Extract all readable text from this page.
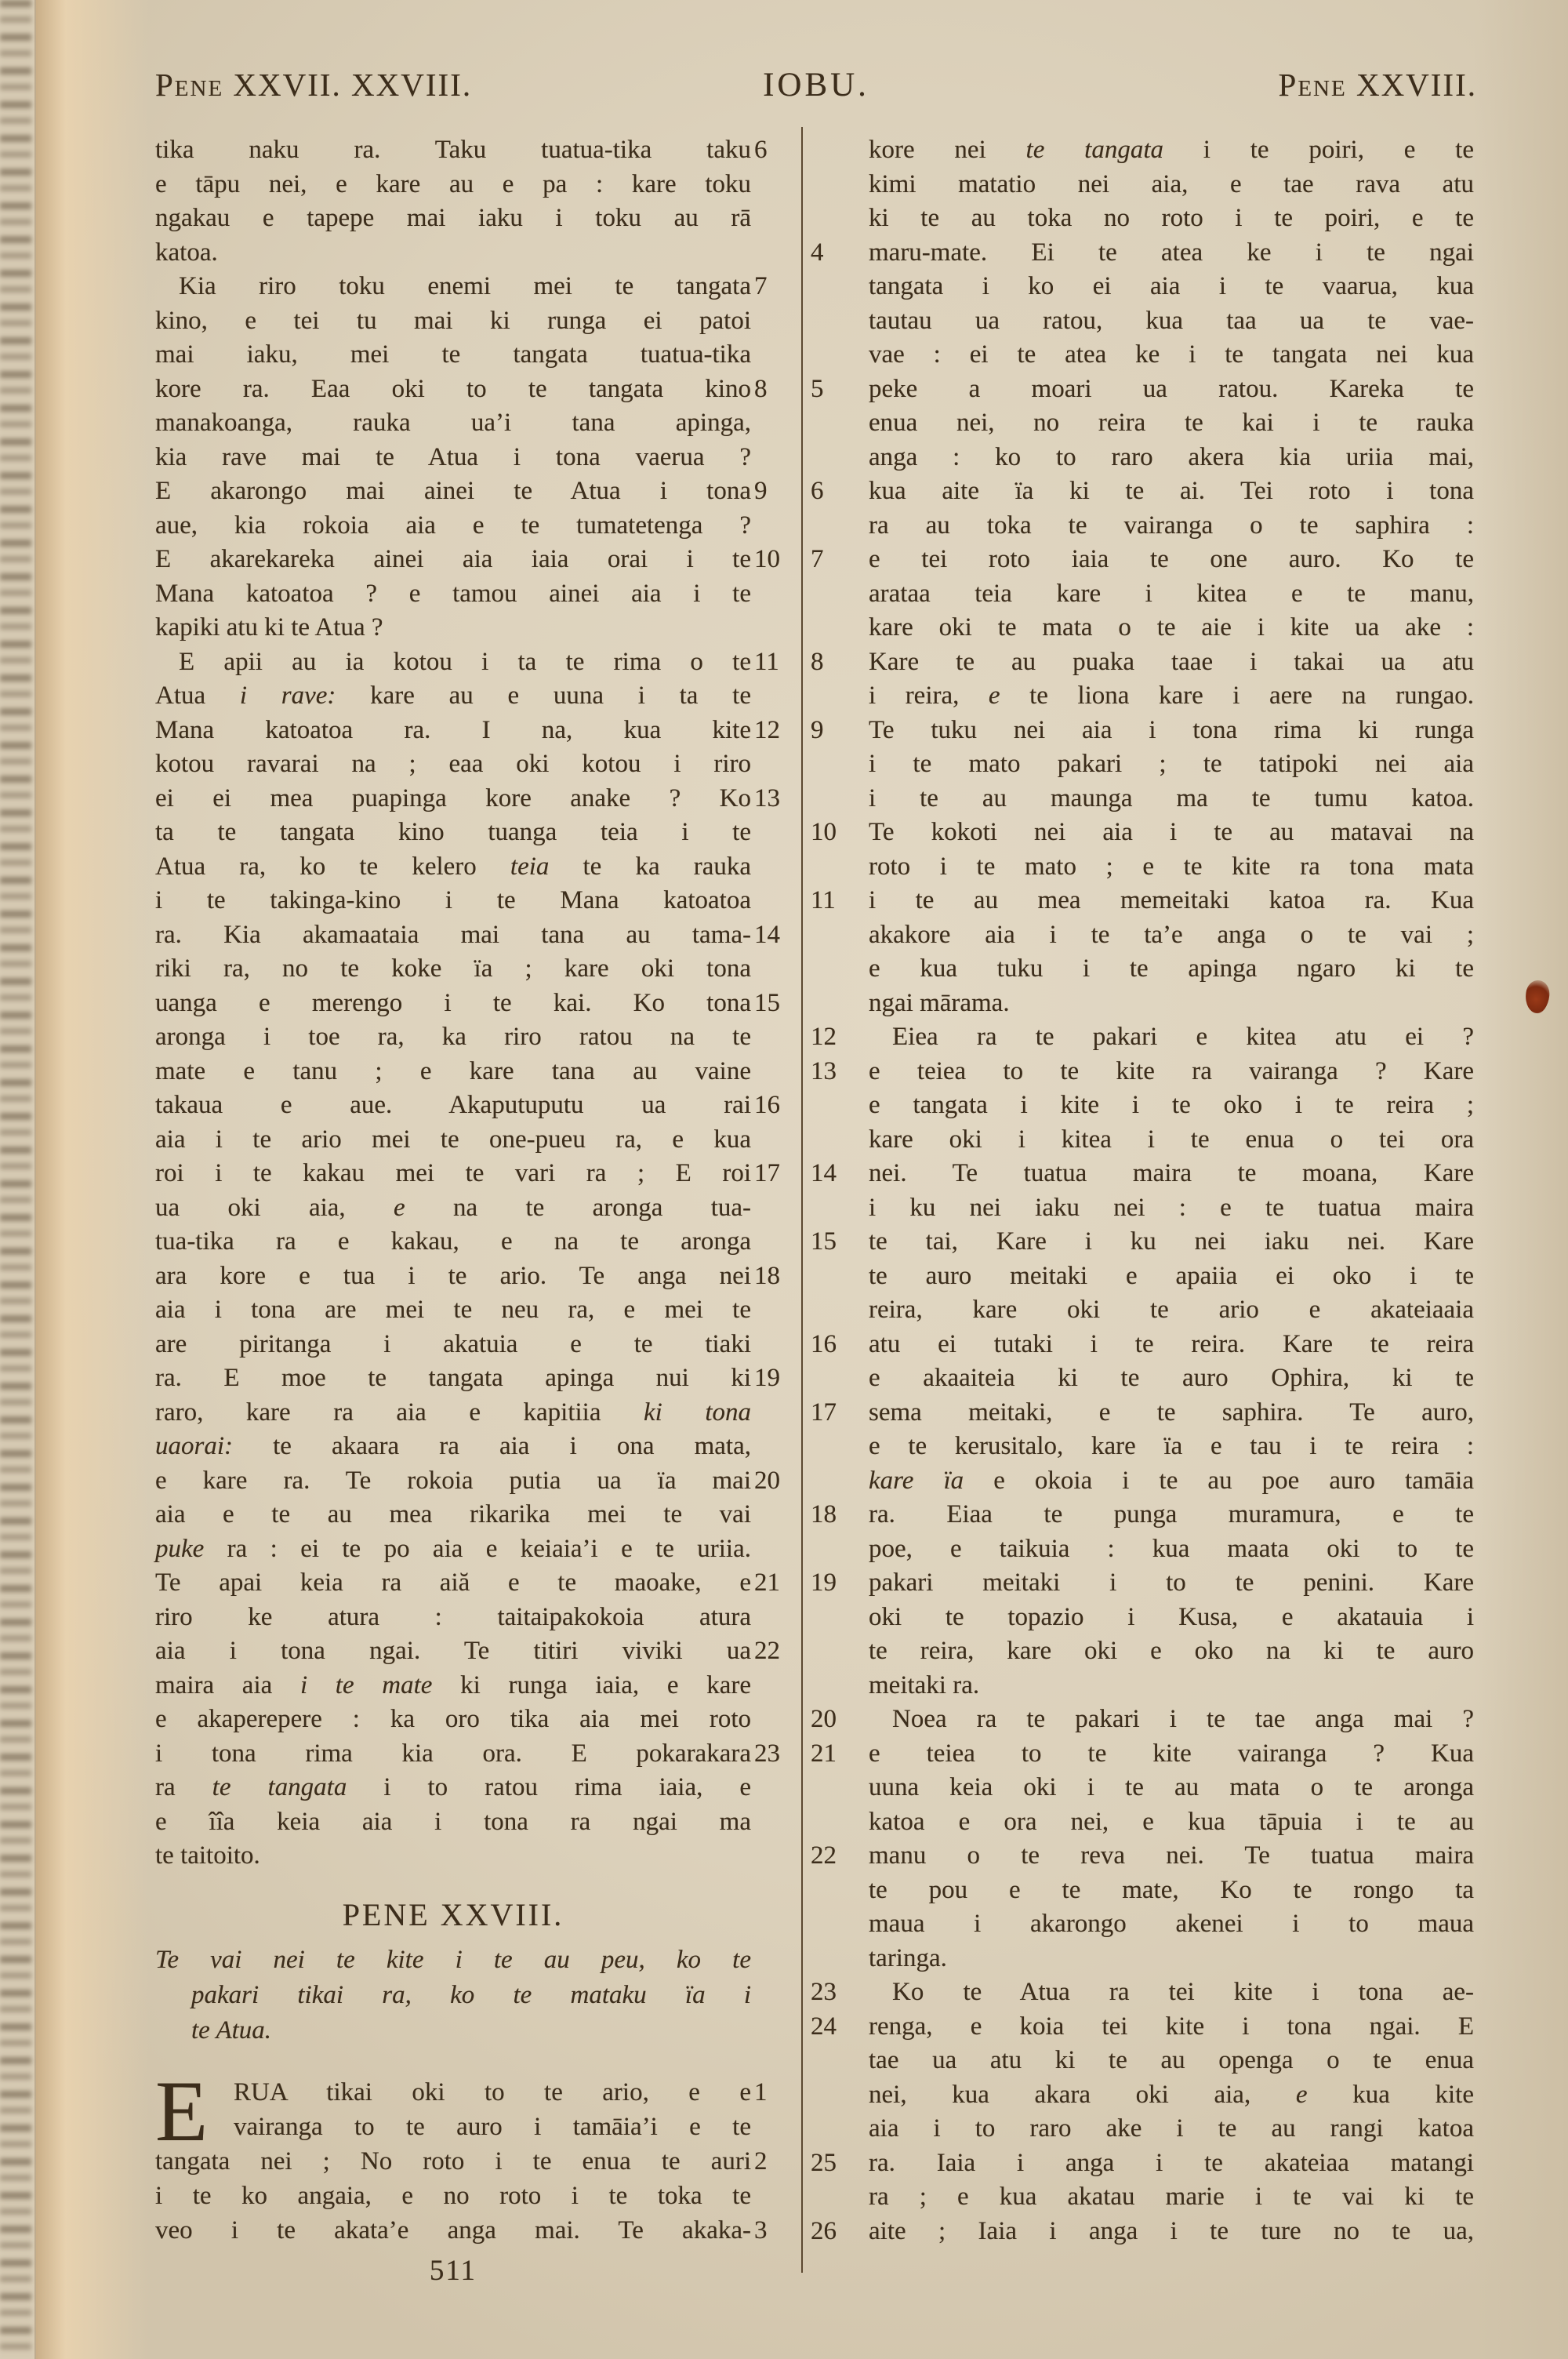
Pene XXVII. XXVIII.	IOBU.	Pene XXVIII.
tika naku ra. Taku tuatua-tika taku 6
e tāpu nei, e kare au e pa : kare toku
ngakau e tapepe mai iaku i toku au rā
katoa.
Kia riro toku enemi mei te tangata 7
kino, e tei tu mai ki runga ei patoi
mai iaku, mei te tangata tuatua-tika
kore ra. Eaa oki to te tangata kino 8
manakoanga, rauka ua’i tana apinga,
kia rave mai te Atua i tona vaerua ?
E akarongo mai ainei te Atua i tona 9
aue, kia rokoia aia e te tumatetenga ?
E akarekareka ainei aia iaia orai i te 10
Mana katoatoa ? e tamou ainei aia i te
kapiki atu ki te Atua ?
E apii au ia kotou i ta te rima o te 11
Atua i rave: kare au e uuna i ta te
Mana katoatoa ra. I na, kua kite 12
kotou ravarai na ; eaa oki kotou i riro
ei ei mea puapinga kore anake ? Ko 13
ta te tangata kino tuanga teia i te
Atua ra, ko te kelero teia te ka rauka
i te takinga-kino i te Mana katoatoa
ra. Kia akamaataia mai tana au tama- 14
riki ra, no te koke ïa ; kare oki tona
uanga e merengo i te kai. Ko tona 15
aronga i toe ra, ka riro ratou na te
mate e tanu ; e kare tana au vaine
takaua e aue. Akaputuputu ua rai 16
aia i te ario mei te one-pueu ra, e kua
roi i te kakau mei te vari ra ; E roi 17
ua oki aia, e na te aronga tua-
tua-tika ra e kakau, e na te aronga
ara kore e tua i te ario. Te anga nei 18
aia i tona are mei te neu ra, e mei te
are piritanga i akatuia e te tiaki
ra. E moe te tangata apinga nui ki 19
raro, kare ra aia e kapitiia ki tona
uaorai: te akaara ra aia i ona mata,
e kare ra. Te rokoia putia ua ïa mai 20
aia e te au mea rikarika mei te vai
puke ra : ei te po aia e keiaia’i e te uriia.
Te apai keia ra aiă e te maoake, e 21
riro ke atura : taitaipakokoia atura
aia i tona ngai. Te titiri viviki ua 22
maira aia i te mate ki runga iaia, e kare
e akaperepere : ka oro tika aia mei roto
i tona rima kia ora. E pokarakara 23
ra te tangata i to ratou rima iaia, e
e îîa keia aia i tona ra ngai ma
te taitoito.
PENE XXVIII.
Te vai nei te kite i te au peu, ko te
pakari tikai ra, ko te mataku ïa i
te Atua.
E RUA tikai oki to te ario, e e 1
vairanga to te auro i tamāia’i e te
tangata nei ; No roto i te enua te auri 2
i te ko angaia, e no roto i te toka te
veo i te akata’e anga mai. Te akaka- 3
511
kore nei te tangata i te poiri, e te
kimi matatio nei aia, e tae rava atu
ki te au toka no roto i te poiri, e te
maru-mate. Ei te atea ke i te ngai
4
tangata i ko ei aia i te vaarua, kua
tautau ua ratou, kua taa ua te vae-
vae : ei te atea ke i te tangata nei kua
peke a moari ua ratou. Kareka te
5
enua nei, no reira te kai i te rauka
anga : ko to raro akera kia uriia mai,
kua aite ïa ki te ai. Tei roto i tona
6
ra au toka te vairanga o te saphira :
e tei roto iaia te one auro. Ko te
7
arataa teia kare i kitea e te manu,
kare oki te mata o te aie i kite ua ake :
Kare te au puaka taae i takai ua atu
8
i reira, e te liona kare i aere na rungao.
Te tuku nei aia i tona rima ki runga
9
i te mato pakari ; te tatipoki nei aia
i te au maunga ma te tumu katoa.
Te kokoti nei aia i te au matavai na
10
roto i te mato ; e te kite ra tona mata
i te au mea memeitaki katoa ra. Kua
11
akakore aia i te ta’e anga o te vai ;
e kua tuku i te apinga ngaro ki te
ngai mārama.
Eiea ra te pakari e kitea atu ei ?
12
e teiea to te kite ra vairanga ? Kare
13
e tangata i kite i te oko i te reira ;
kare oki i kitea i te enua o tei ora
nei. Te tuatua maira te moana, Kare
14
i ku nei iaku nei : e te tuatua maira
te tai, Kare i ku nei iaku nei. Kare
15
te auro meitaki e apaiia ei oko i te
reira, kare oki te ario e akateiaaia
atu ei tutaki i te reira. Kare te reira
16
e akaaiteia ki te auro Ophira, ki te
sema meitaki, e te saphira. Te auro,
17
e te kerusitalo, kare ïa e tau i te reira :
kare ïa e okoia i te au poe auro tamāia
ra. Eiaa te punga muramura, e te
18
poe, e taikuia : kua maata oki to te
pakari meitaki i to te penini. Kare
19
oki te topazio i Kusa, e akatauia i
te reira, kare oki e oko na ki te auro
meitaki ra.
Noea ra te pakari i te tae anga mai ?
20
e teiea to te kite vairanga ? Kua
21
uuna keia oki i te au mata o te aronga
katoa e ora nei, e kua tāpuia i te au
manu o te reva nei. Te tuatua maira
22
te pou e te mate, Ko te rongo ta
maua i akarongo akenei i to maua
taringa.
Ko te Atua ra tei kite i tona ae-
23
renga, e koia tei kite i tona ngai. E
24
tae ua atu ki te au openga o te enua
nei, kua akara oki aia, e kua kite
aia i to raro ake i te au rangi katoa
ra. Iaia i anga i te akateiaa matangi
25
ra ; e kua akatau marie i te vai ki te
aite ; Iaia i anga i te ture no te ua,
26
